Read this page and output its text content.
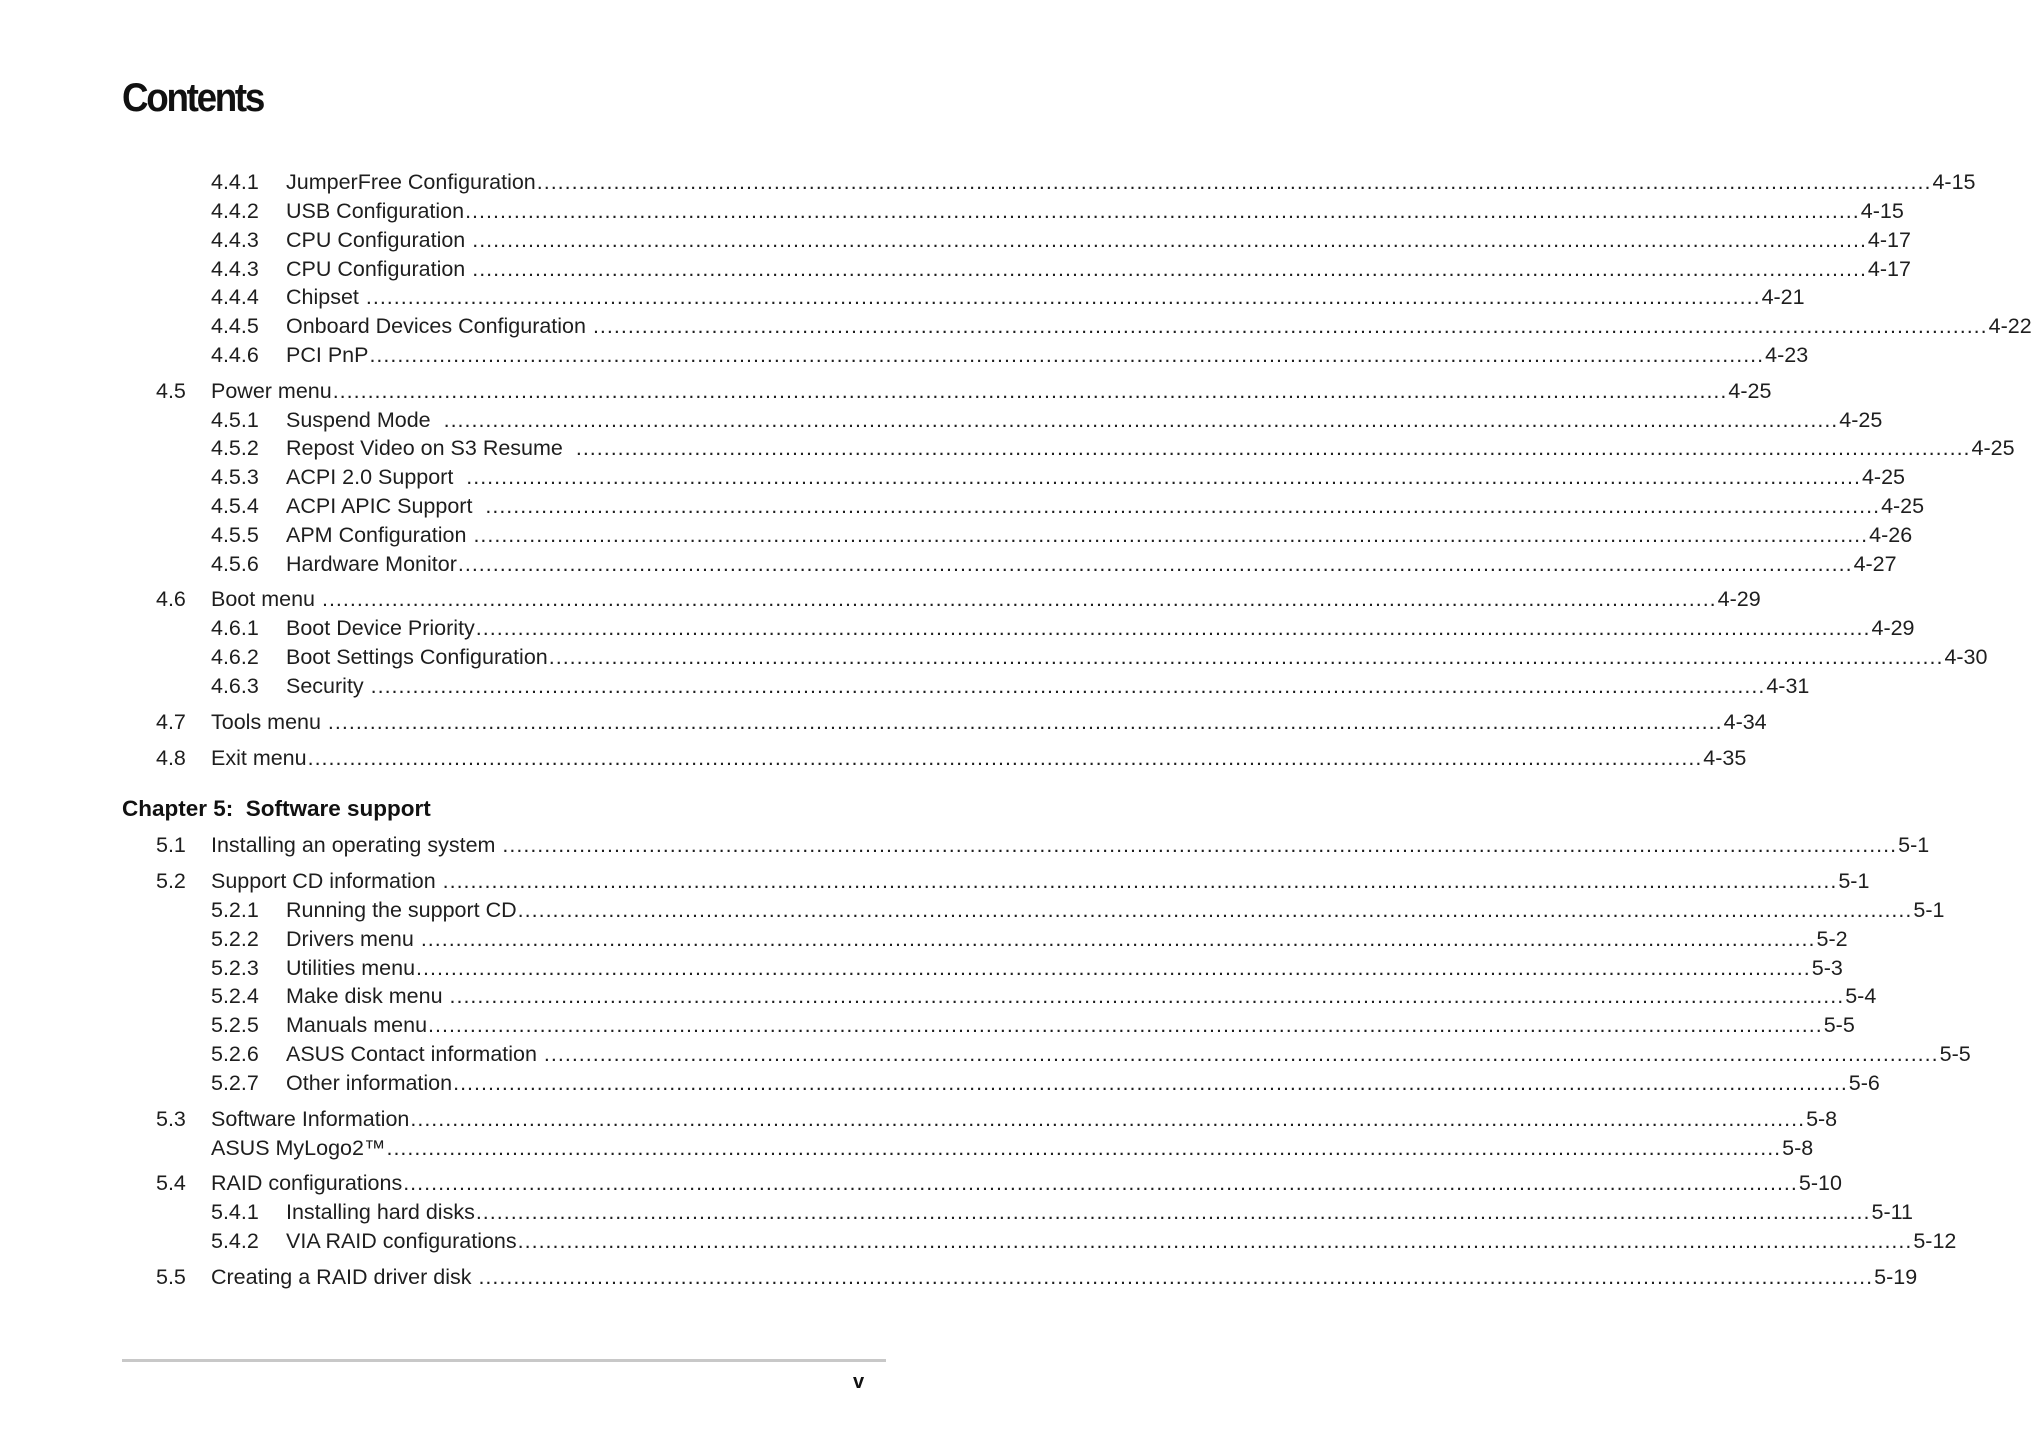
Contents
4.4.1	JumperFree Configuration ........................................................................................................................................................................................................ 4-15
4.4.2	USB Configuration ........................................................................................................................................................................................................ 4-15
4.4.3	CPU Configuration ........................................................................................................................................................................................................ 4-17
4.4.3	CPU Configuration ........................................................................................................................................................................................................ 4-17
4.4.4	Chipset ........................................................................................................................................................................................................ 4-21
4.4.5	Onboard Devices Configuration ........................................................................................................................................................................................................ 4-22
4.4.6	PCI PnP ........................................................................................................................................................................................................ 4-23
4.5	Power menu ........................................................................................................................................................................................................ 4-25
4.5.1	Suspend Mode ........................................................................................................................................................................................................ 4-25
4.5.2	Repost Video on S3 Resume ........................................................................................................................................................................................................ 4-25
4.5.3	ACPI 2.0 Support ........................................................................................................................................................................................................ 4-25
4.5.4	ACPI APIC Support ........................................................................................................................................................................................................ 4-25
4.5.5	APM Configuration ........................................................................................................................................................................................................ 4-26
4.5.6	Hardware Monitor ........................................................................................................................................................................................................ 4-27
4.6	Boot menu ........................................................................................................................................................................................................ 4-29
4.6.1	Boot Device Priority ........................................................................................................................................................................................................ 4-29
4.6.2	Boot Settings Configuration ........................................................................................................................................................................................................ 4-30
4.6.3	Security ........................................................................................................................................................................................................ 4-31
4.7	Tools menu ........................................................................................................................................................................................................ 4-34
4.8	Exit menu ........................................................................................................................................................................................................ 4-35
Chapter 5:  Software support
5.1	Installing an operating system ........................................................................................................................................................................................................ 5-1
5.2	Support CD information ........................................................................................................................................................................................................ 5-1
5.2.1	Running the support CD ........................................................................................................................................................................................................ 5-1
5.2.2	Drivers menu ........................................................................................................................................................................................................ 5-2
5.2.3	Utilities menu ........................................................................................................................................................................................................ 5-3
5.2.4	Make disk menu ........................................................................................................................................................................................................ 5-4
5.2.5	Manuals menu ........................................................................................................................................................................................................ 5-5
5.2.6	ASUS Contact information ........................................................................................................................................................................................................ 5-5
5.2.7	Other information ........................................................................................................................................................................................................ 5-6
5.3	Software Information ........................................................................................................................................................................................................ 5-8
ASUS MyLogo2™ ........................................................................................................................................................................................................ 5-8
5.4	RAID configurations ........................................................................................................................................................................................................ 5-10
5.4.1	Installing hard disks ........................................................................................................................................................................................................ 5-11
5.4.2	VIA RAID configurations ........................................................................................................................................................................................................ 5-12
5.5	Creating a RAID driver disk ........................................................................................................................................................................................................ 5-19
v
